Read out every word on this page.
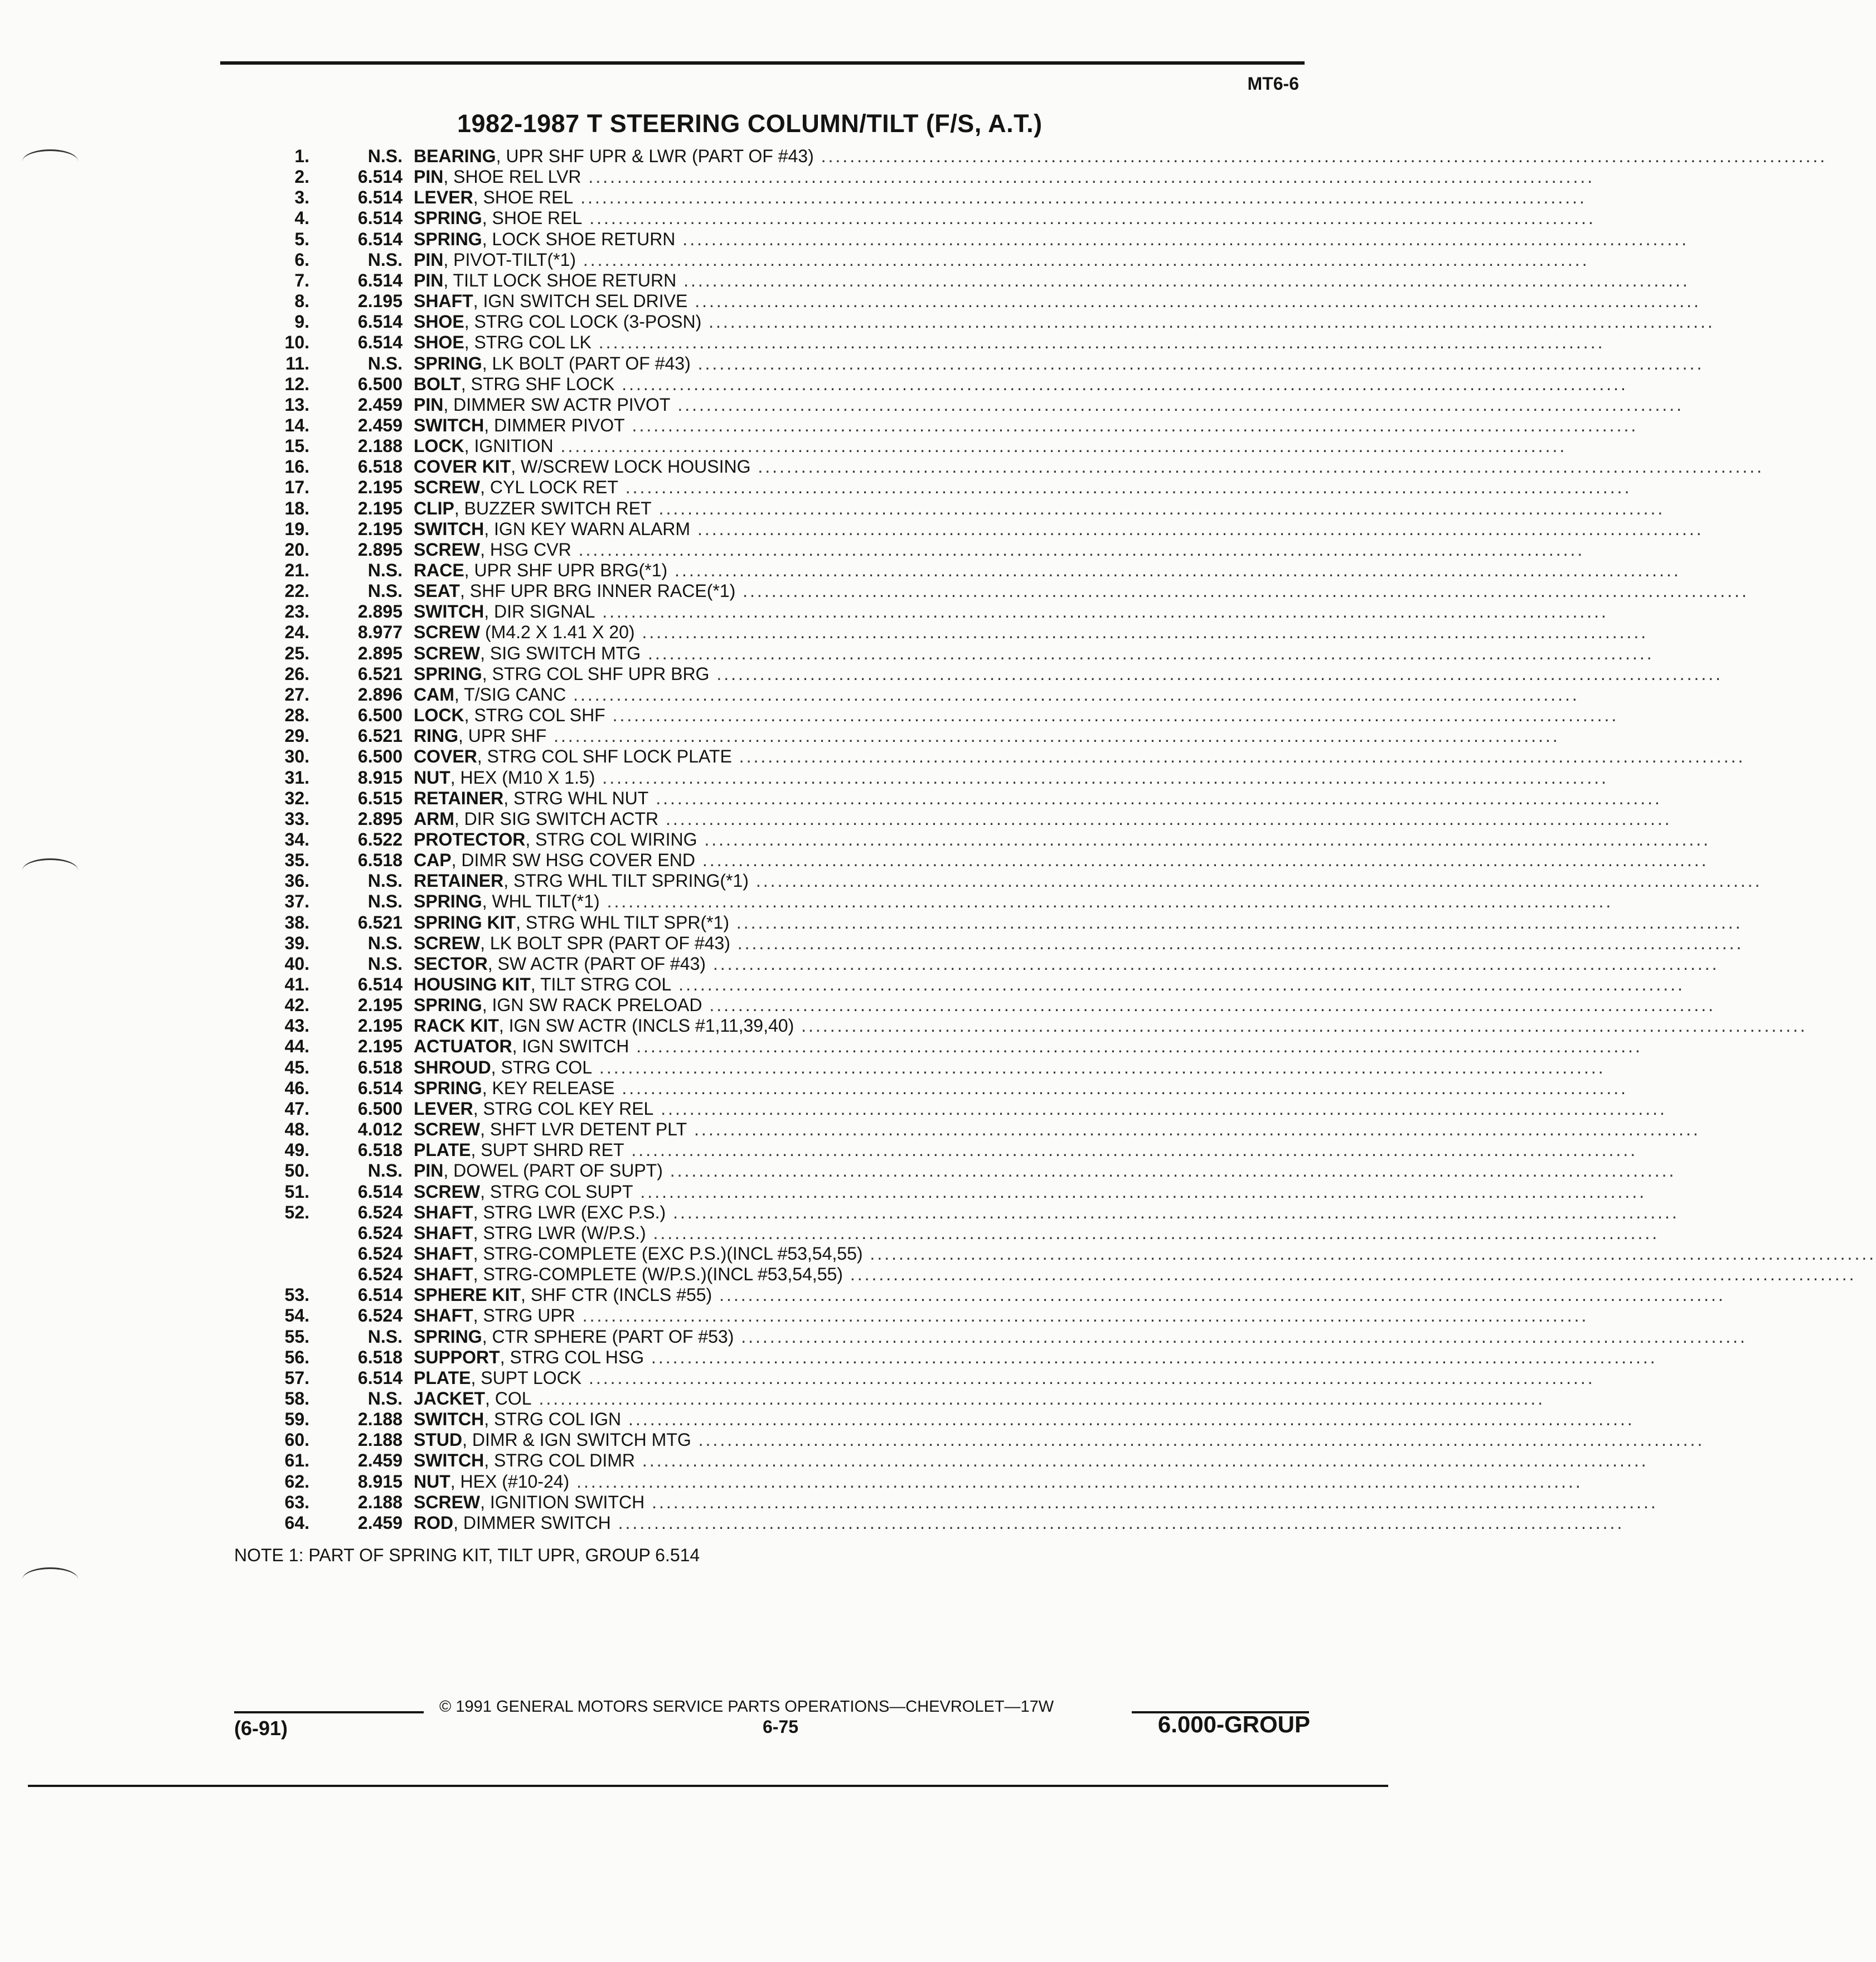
MT6-6
1982-1987 T STEERING COLUMN/TILT (F/S, A.T.)
1.	N.S. BEARING, UPR SHF UPR & LWR (PART OF #43) ............................................................................................................................................
2.	6.514 PIN, SHOE REL LVR ............................................................................................................................................
3.	6.514 LEVER, SHOE REL ............................................................................................................................................
4.	6.514 SPRING, SHOE REL ............................................................................................................................................
5.	6.514 SPRING, LOCK SHOE RETURN ............................................................................................................................................
6.	N.S. PIN, PIVOT-TILT(*1) ............................................................................................................................................
7.	6.514 PIN, TILT LOCK SHOE RETURN ............................................................................................................................................
8.	2.195 SHAFT, IGN SWITCH SEL DRIVE ............................................................................................................................................
9.	6.514 SHOE, STRG COL LOCK (3-POSN) ............................................................................................................................................
10.	6.514 SHOE, STRG COL LK ............................................................................................................................................
11.	N.S. SPRING, LK BOLT (PART OF #43) ............................................................................................................................................
12.	6.500 BOLT, STRG SHF LOCK ............................................................................................................................................
13.	2.459 PIN, DIMMER SW ACTR PIVOT ............................................................................................................................................
14.	2.459 SWITCH, DIMMER PIVOT ............................................................................................................................................
15.	2.188 LOCK, IGNITION ............................................................................................................................................
16.	6.518 COVER KIT, W/SCREW LOCK HOUSING ............................................................................................................................................
17.	2.195 SCREW, CYL LOCK RET ............................................................................................................................................
18.	2.195 CLIP, BUZZER SWITCH RET ............................................................................................................................................
19.	2.195 SWITCH, IGN KEY WARN ALARM ............................................................................................................................................
20.	2.895 SCREW, HSG CVR ............................................................................................................................................
21.	N.S. RACE, UPR SHF UPR BRG(*1) ............................................................................................................................................
22.	N.S. SEAT, SHF UPR BRG INNER RACE(*1) ............................................................................................................................................
23.	2.895 SWITCH, DIR SIGNAL ............................................................................................................................................
24.	8.977 SCREW (M4.2 X 1.41 X 20) ............................................................................................................................................
25.	2.895 SCREW, SIG SWITCH MTG ............................................................................................................................................
26.	6.521 SPRING, STRG COL SHF UPR BRG ............................................................................................................................................
27.	2.896 CAM, T/SIG CANC ............................................................................................................................................
28.	6.500 LOCK, STRG COL SHF ............................................................................................................................................
29.	6.521 RING, UPR SHF ............................................................................................................................................
30.	6.500 COVER, STRG COL SHF LOCK PLATE ............................................................................................................................................
31.	8.915 NUT, HEX (M10 X 1.5) ............................................................................................................................................
32.	6.515 RETAINER, STRG WHL NUT ............................................................................................................................................
33.	2.895 ARM, DIR SIG SWITCH ACTR ............................................................................................................................................
34.	6.522 PROTECTOR, STRG COL WIRING ............................................................................................................................................
35.	6.518 CAP, DIMR SW HSG COVER END ............................................................................................................................................
36.	N.S. RETAINER, STRG WHL TILT SPRING(*1) ............................................................................................................................................
37.	N.S. SPRING, WHL TILT(*1) ............................................................................................................................................
38.	6.521 SPRING KIT, STRG WHL TILT SPR(*1) ............................................................................................................................................
39.	N.S. SCREW, LK BOLT SPR (PART OF #43) ............................................................................................................................................
40.	N.S. SECTOR, SW ACTR (PART OF #43) ............................................................................................................................................
41.	6.514 HOUSING KIT, TILT STRG COL ............................................................................................................................................
42.	2.195 SPRING, IGN SW RACK PRELOAD ............................................................................................................................................
43.	2.195 RACK KIT, IGN SW ACTR (INCLS #1,11,39,40) ............................................................................................................................................
44.	2.195 ACTUATOR, IGN SWITCH ............................................................................................................................................
45.	6.518 SHROUD, STRG COL ............................................................................................................................................
46.	6.514 SPRING, KEY RELEASE ............................................................................................................................................
47.	6.500 LEVER, STRG COL KEY REL ............................................................................................................................................
48.	4.012 SCREW, SHFT LVR DETENT PLT ............................................................................................................................................
49.	6.518 PLATE, SUPT SHRD RET ............................................................................................................................................
50.	N.S. PIN, DOWEL (PART OF SUPT) ............................................................................................................................................
51.	6.514 SCREW, STRG COL SUPT ............................................................................................................................................
52.	6.524 SHAFT, STRG LWR (EXC P.S.) ............................................................................................................................................
6.524 SHAFT, STRG LWR (W/P.S.) ............................................................................................................................................
6.524 SHAFT, STRG-COMPLETE (EXC P.S.)(INCL #53,54,55) ............................................................................................................................................
6.524 SHAFT, STRG-COMPLETE (W/P.S.)(INCL #53,54,55) ............................................................................................................................................
53.	6.514 SPHERE KIT, SHF CTR (INCLS #55) ............................................................................................................................................
54.	6.524 SHAFT, STRG UPR ............................................................................................................................................
55.	N.S. SPRING, CTR SPHERE (PART OF #53) ............................................................................................................................................
56.	6.518 SUPPORT, STRG COL HSG ............................................................................................................................................
57.	6.514 PLATE, SUPT LOCK ............................................................................................................................................
58.	N.S. JACKET, COL ............................................................................................................................................
59.	2.188 SWITCH, STRG COL IGN ............................................................................................................................................
60.	2.188 STUD, DIMR & IGN SWITCH MTG ............................................................................................................................................
61.	2.459 SWITCH, STRG COL DIMR ............................................................................................................................................
62.	8.915 NUT, HEX (#10-24) ............................................................................................................................................
63.	2.188 SCREW, IGNITION SWITCH ............................................................................................................................................
64.	2.459 ROD, DIMMER SWITCH ............................................................................................................................................
NOTE 1: PART OF SPRING KIT, TILT UPR, GROUP 6.514
© 1991 GENERAL MOTORS SERVICE PARTS OPERATIONS—CHEVROLET—17W
(6-91)	6-75	6.000-GROUP
